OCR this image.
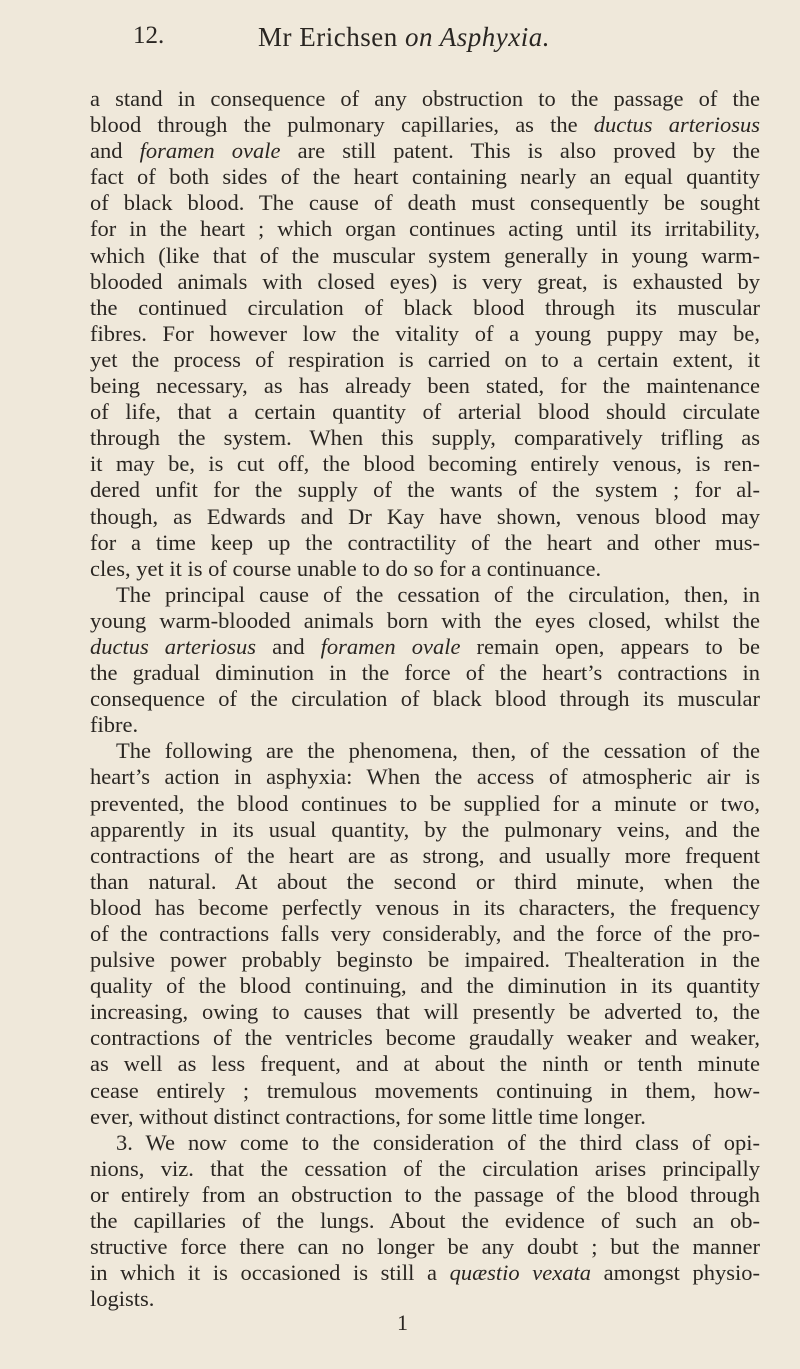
12.	Mr Erichsen on Asphyxia.
a stand in consequence of any obstruction to the passage of the
blood through the pulmonary capillaries, as the ductus arteriosus
and foramen ovale are still patent. This is also proved by the
fact of both sides of the heart containing nearly an equal quantity
of black blood. The cause of death must consequently be sought
for in the heart ; which organ continues acting until its irritability,
which (like that of the muscular system generally in young warm-
blooded animals with closed eyes) is very great, is exhausted by
the continued circulation of black blood through its muscular
fibres. For however low the vitality of a young puppy may be,
yet the process of respiration is carried on to a certain extent, it
being necessary, as has already been stated, for the maintenance
of life, that a certain quantity of arterial blood should circulate
through the system. When this supply, comparatively trifling as
it may be, is cut off, the blood becoming entirely venous, is ren-
dered unfit for the supply of the wants of the system ; for al-
though, as Edwards and Dr Kay have shown, venous blood may
for a time keep up the contractility of the heart and other mus-
cles, yet it is of course unable to do so for a continuance.
The principal cause of the cessation of the circulation, then, in
young warm-blooded animals born with the eyes closed, whilst the
ductus arteriosus and foramen ovale remain open, appears to be
the gradual diminution in the force of the heart’s contractions in
consequence of the circulation of black blood through its muscular
fibre.
The following are the phenomena, then, of the cessation of the
heart’s action in asphyxia: When the access of atmospheric air is
prevented, the blood continues to be supplied for a minute or two,
apparently in its usual quantity, by the pulmonary veins, and the
contractions of the heart are as strong, and usually more frequent
than natural. At about the second or third minute, when the
blood has become perfectly venous in its characters, the frequency
of the contractions falls very considerably, and the force of the pro-
pulsive power probably beginsto be impaired. Thealteration in the
quality of the blood continuing, and the diminution in its quantity
increasing, owing to causes that will presently be adverted to, the
contractions of the ventricles become graudally weaker and weaker,
as well as less frequent, and at about the ninth or tenth minute
cease entirely ; tremulous movements continuing in them, how-
ever, without distinct contractions, for some little time longer.
3. We now come to the consideration of the third class of opi-
nions, viz. that the cessation of the circulation arises principally
or entirely from an obstruction to the passage of the blood through
the capillaries of the lungs. About the evidence of such an ob-
structive force there can no longer be any doubt ; but the manner
in which it is occasioned is still a quæstio vexata amongst physio-
logists.
1
